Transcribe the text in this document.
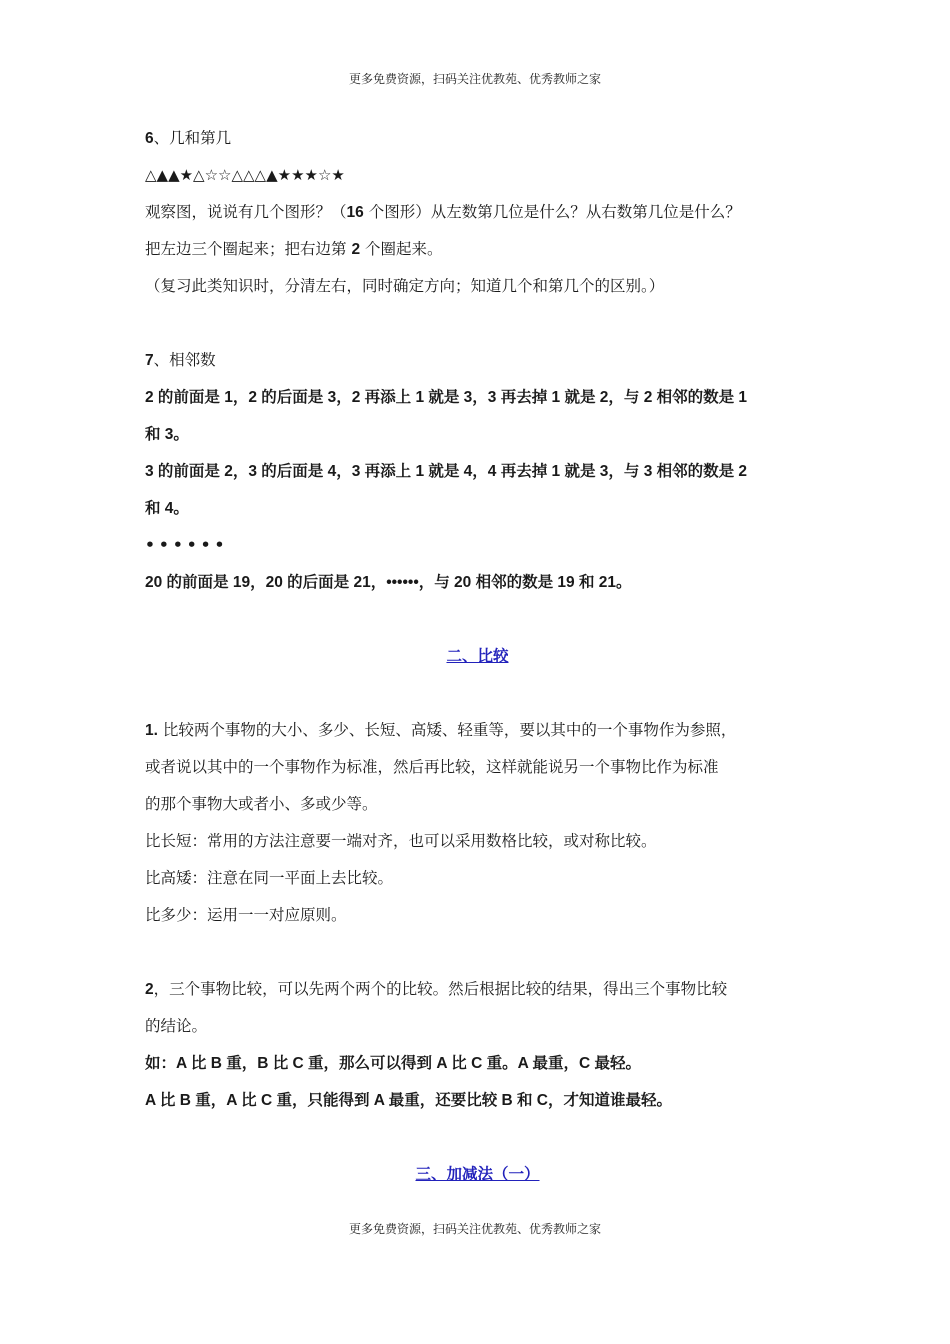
更多免费资源，扫码关注优教苑、优秀教师之家

6、几和第几

△▲▲★△☆☆△△△▲★★★☆★

观察图，说说有几个图形？（16 个图形）从左数第几位是什么？从右数第几位是什么？

把左边三个圈起来；把右边第 2 个圈起来。

（复习此类知识时，分清左右，同时确定方向；知道几个和第几个的区别。）

7、相邻数

2 的前面是 1，2 的后面是 3，2 再添上 1 就是 3，3 再去掉 1 就是 2，与 2 相邻的数是 1

和 3。

3 的前面是 2，3 的后面是 4，3 再添上 1 就是 4，4 再去掉 1 就是 3，与 3 相邻的数是 2

和 4。

••••••

20 的前面是 19，20 的后面是 21，••••••，与 20 相邻的数是 19 和 21。

二、比较

1. 比较两个事物的大小、多少、长短、高矮、轻重等，要以其中的一个事物作为参照，

或者说以其中的一个事物作为标准，然后再比较，这样就能说另一个事物比作为标准

的那个事物大或者小、多或少等。

比长短：常用的方法注意要一端对齐，也可以采用数格比较，或对称比较。

比高矮：注意在同一平面上去比较。

比多少：运用一一对应原则。

2，三个事物比较，可以先两个两个的比较。然后根据比较的结果，得出三个事物比较

的结论。

如：A 比 B 重，B 比 C 重，那么可以得到 A 比 C 重。A 最重，C 最轻。

A 比 B 重，A 比 C 重，只能得到 A 最重，还要比较 B 和 C，才知道谁最轻。

三、加减法（一）

更多免费资源，扫码关注优教苑、优秀教师之家
